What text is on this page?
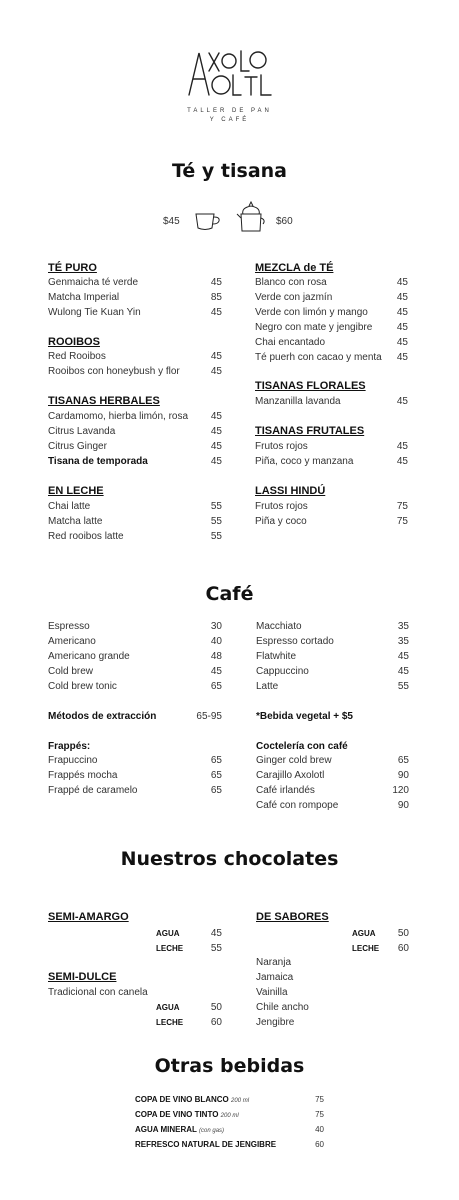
TALLER DE PAN
Y CAFÉ
Té y tisana
$45	$60
TÉ PURO
Genmaicha té verde	45
Matcha Imperial	85
Wulong Tie Kuan Yin	45
ROOIBOS
Red Rooibos	45
Rooibos con honeybush y flor	45
TISANAS HERBALES
Cardamomo, hierba limón, rosa 45
Citrus Lavanda	45
Citrus Ginger	45
Tisana de temporada	45
EN LECHE
Chai latte	55
Matcha latte	55
Red rooibos latte	55
MEZCLA de TÉ
Blanco con rosa	45
Verde con jazmín	45
Verde con limón y mango	45
Negro con mate y jengibre 45
Chai encantado	45
Té puerh con cacao y menta 45
TISANAS FLORALES
Manzanilla lavanda	45
TISANAS FRUTALES
Frutos rojos	45
Piña, coco y manzana	45
LASSI HINDÚ
Frutos rojos	75
Piña y coco	75
Café
Espresso	30
Americano	40
Americano grande	48
Cold brew	45
Cold brew tonic	65
Macchiato	35
Espresso cortado	35
Flatwhite	45
Cappuccino	45
Latte	55
Métodos de extracción	65-95	*Bebida vegetal + $5
Frappés:
Frapuccino	65
Frappés mocha	65
Frappé de caramelo	65
Coctelería con café
Ginger cold brew	65
Carajillo Axolotl	90
Café irlandés	120
Café con rompope	90
Nuestros chocolates
SEMI-AMARGO
AGUA	45
LECHE	55
SEMI-DULCE
Tradicional con canela
AGUA	50
LECHE	60
DE SABORES
AGUA 50
LECHE 60
Naranja
Jamaica
Vainilla
Chile ancho
Jengibre
Otras bebidas
COPA DE VINO BLANCO 200 ml	75
COPA DE VINO TINTO 200 ml	75
AGUA MINERAL (con gas)	40
REFRESCO NATURAL DE JENGIBRE	60
